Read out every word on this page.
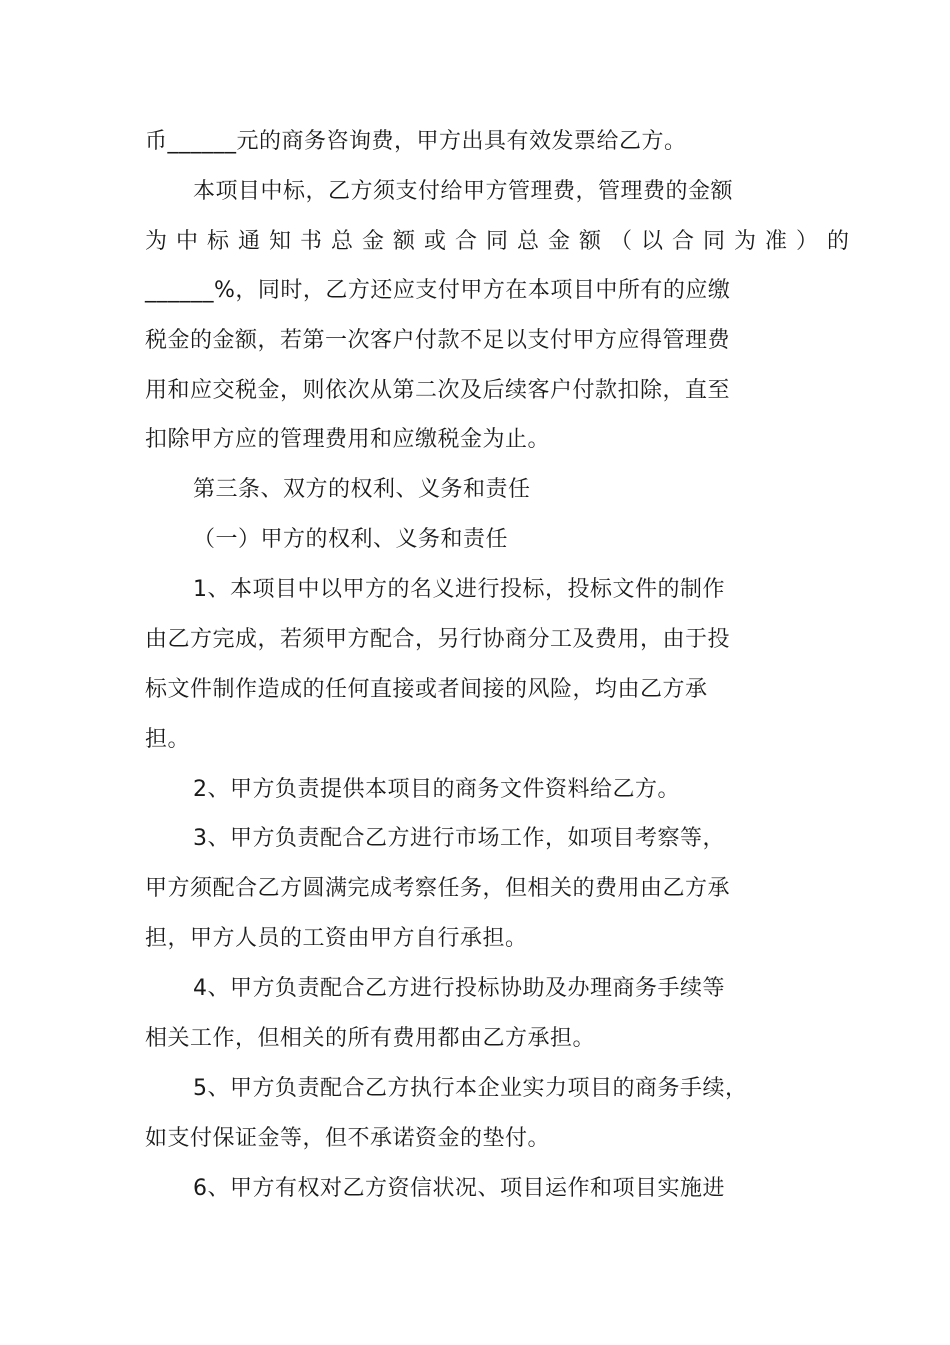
币______元的商务咨询费，甲方出具有效发票给乙方。
本项目中标，乙方须支付给甲方管理费，管理费的金额
为中标通知书总金额或合同总金额（以合同为准）的
______%，同时，乙方还应支付甲方在本项目中所有的应缴
税金的金额，若第一次客户付款不足以支付甲方应得管理费
用和应交税金，则依次从第二次及后续客户付款扣除，直至
扣除甲方应的管理费用和应缴税金为止。
第三条、双方的权利、义务和责任
（一）甲方的权利、义务和责任
1、本项目中以甲方的名义进行投标，投标文件的制作
由乙方完成，若须甲方配合，另行协商分工及费用，由于投
标文件制作造成的任何直接或者间接的风险，均由乙方承
担。
2、甲方负责提供本项目的商务文件资料给乙方。
3、甲方负责配合乙方进行市场工作，如项目考察等，
甲方须配合乙方圆满完成考察任务，但相关的费用由乙方承
担，甲方人员的工资由甲方自行承担。
4、甲方负责配合乙方进行投标协助及办理商务手续等
相关工作，但相关的所有费用都由乙方承担。
5、甲方负责配合乙方执行本企业实力项目的商务手续，
如支付保证金等，但不承诺资金的垫付。
6、甲方有权对乙方资信状况、项目运作和项目实施进
